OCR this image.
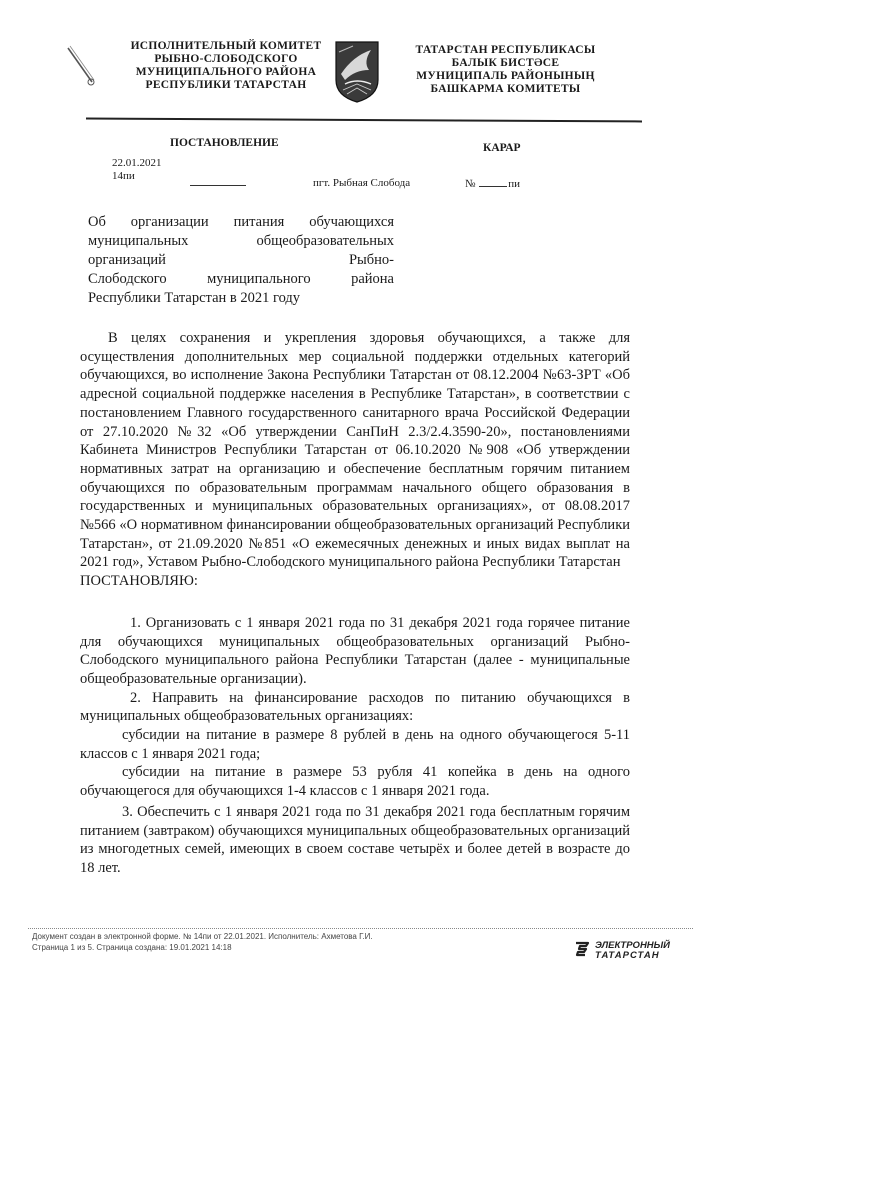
ИСПОЛНИТЕЛЬНЫЙ КОМИТЕТ
РЫБНО-СЛОБОДСКОГО
МУНИЦИПАЛЬНОГО РАЙОНА
РЕСПУБЛИКИ ТАТАРСТАН
ТАТАРСТАН РЕСПУБЛИКАСЫ
БАЛЫК БИСТӘСЕ
МУНИЦИПАЛЬ РАЙОНЫНЫҢ
БАШКАРМА КОМИТЕТЫ
ПОСТАНОВЛЕНИЕ	КАРАР
22.01.2021
14пи
пгт. Рыбная Слобода	№	пи

Об организации питания обучающихся

муниципальных общеобразовательных

организаций Рыбно-

Слободского муниципального района

Республики Татарстан в 2021 году

В целях сохранения и укрепления здоровья обучающихся, а также для осуществления дополнительных мер социальной поддержки отдельных категорий обучающихся, во исполнение Закона Республики Татарстан от 08.12.2004 №63-ЗРТ «Об адресной социальной поддержке населения в Республике Татарстан», в соответствии с постановлением Главного государственного санитарного врача Российской Федерации от 27.10.2020 №32 «Об утверждении СанПиН 2.3/2.4.3590-20», постановлениями Кабинета Министров Республики Татарстан от 06.10.2020 №908 «Об утверждении нормативных затрат на организацию и обеспечение бесплатным горячим питанием обучающихся по образовательным программам начального общего образования в государственных и муниципальных образовательных организациях», от 08.08.2017 №566 «О нормативном финансировании общеобразовательных организаций Республики Татарстан», от 21.09.2020 №851 «О ежемесячных денежных и иных видах выплат на 2021 год», Уставом Рыбно-Слободского муниципального района Республики Татарстан

ПОСТАНОВЛЯЮ:

1. Организовать с 1 января 2021 года по 31 декабря 2021 года горячее питание для обучающихся муниципальных общеобразовательных организаций Рыбно-Слободского муниципального района Республики Татарстан (далее - муниципальные общеобразовательные организации).

2. Направить на финансирование расходов по питанию обучающихся в муниципальных общеобразовательных организациях:

субсидии на питание в размере 8 рублей в день на одного обучающегося 5-11 классов с 1 января 2021 года;

субсидии на питание в размере 53 рубля 41 копейка в день на одного обучающегося для обучающихся 1-4 классов с 1 января 2021 года.

3. Обеспечить с 1 января 2021 года по 31 декабря 2021 года бесплатным горячим питанием (завтраком) обучающихся муниципальных общеобразовательных организаций из многодетных семей, имеющих в своем составе четырёх и более детей в возрасте до 18 лет.

Документ создан в электронной форме. № 14пи от 22.01.2021. Исполнитель: Ахметова Г.И.
Страница 1 из 5. Страница создана: 19.01.2021 14:18	ЭЛЕКТРОННЫЙ
ТАТАРСТАН
